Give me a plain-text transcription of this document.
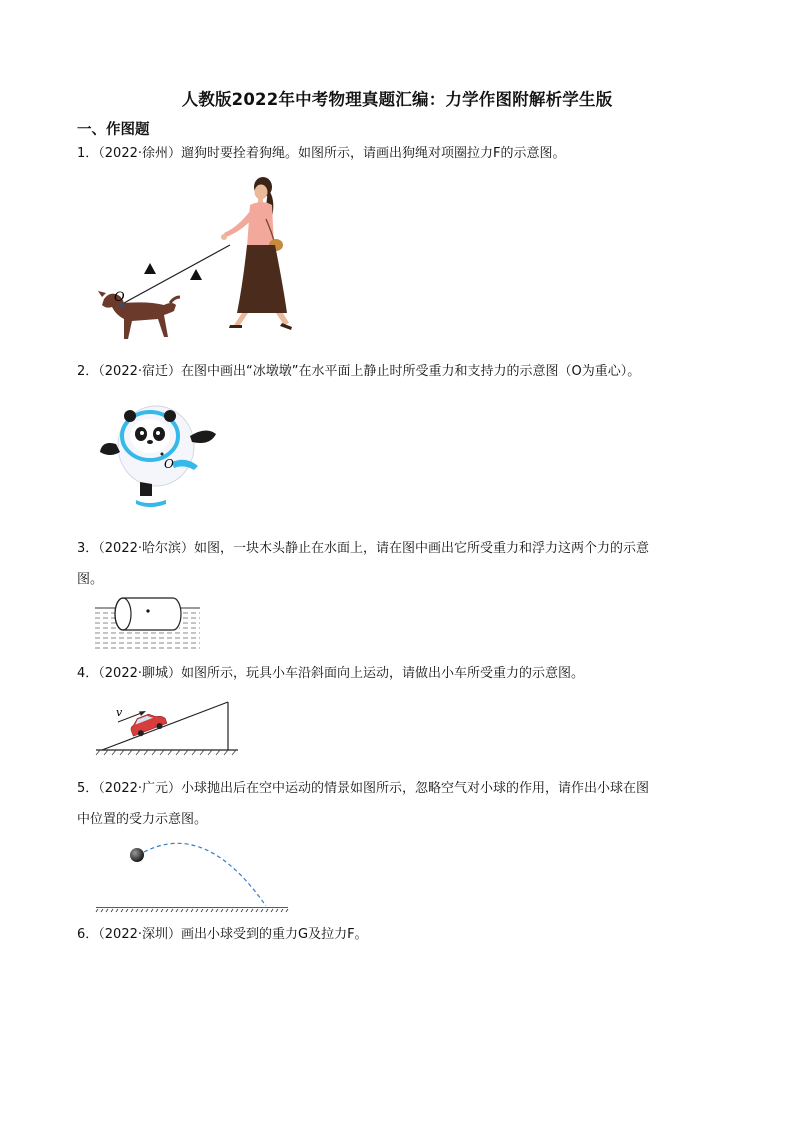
人教版2022年中考物理真题汇编：力学作图附解析学生版
一、作图题
1．（2022·徐州）遛狗时要拴着狗绳。如图所示，请画出狗绳对项圈拉力F的示意图。
O
2．（2022·宿迁）在图中画出“冰墩墩”在水平面上静止时所受重力和支持力的示意图（O为重心）。
O
3．（2022·哈尔滨）如图，一块木头静止在水面上，请在图中画出它所受重力和浮力这两个力的示意
图。
4．（2022·聊城）如图所示，玩具小车沿斜面向上运动，请做出小车所受重力的示意图。
v
5．（2022·广元）小球抛出后在空中运动的情景如图所示，忽略空气对小球的作用，请作出小球在图
中位置的受力示意图。
6．（2022·深圳）画出小球受到的重力G及拉力F。
